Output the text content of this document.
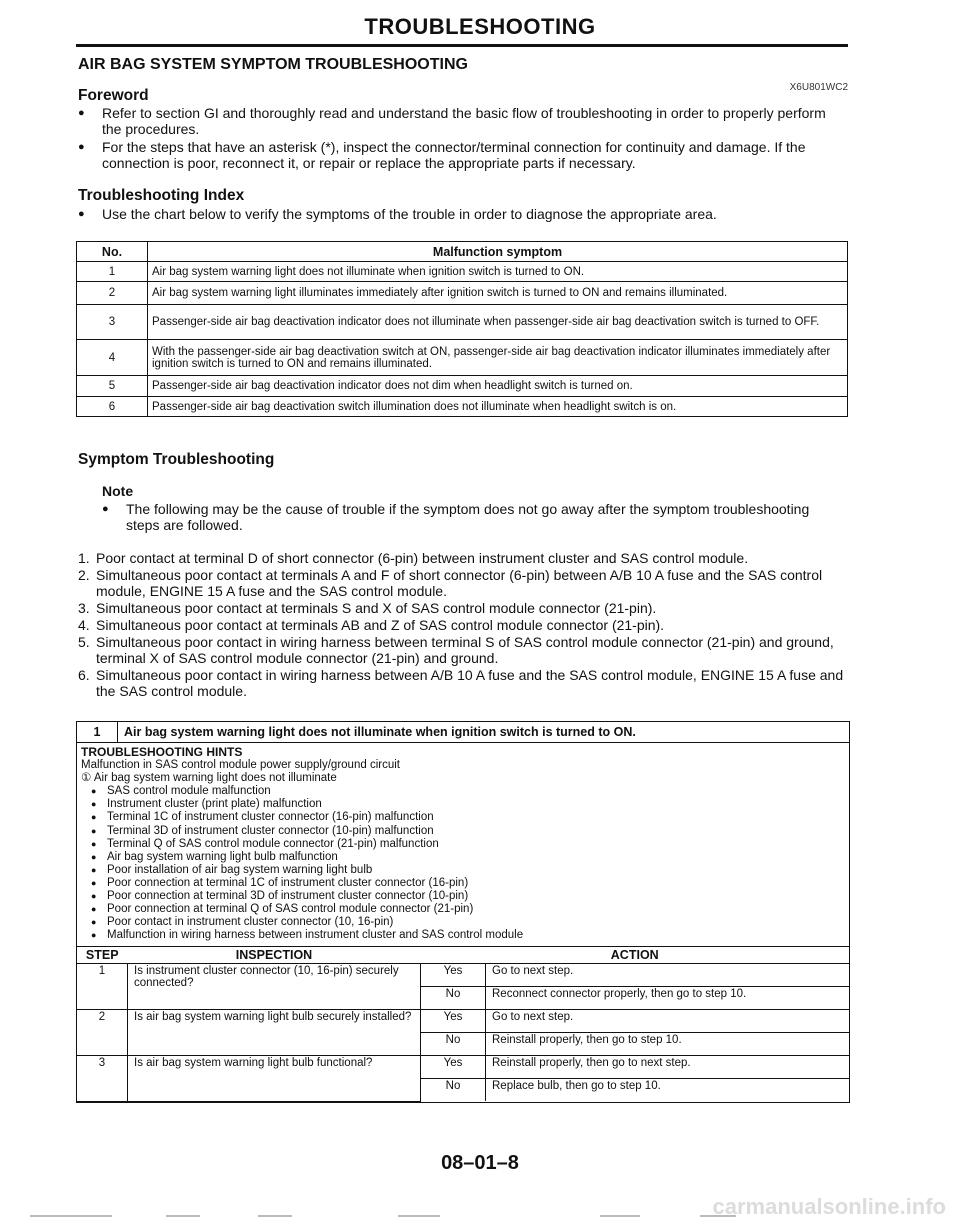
TROUBLESHOOTING
AIR BAG SYSTEM SYMPTOM TROUBLESHOOTING
X6U801WC2
Foreword
● Refer to section GI and thoroughly read and understand the basic flow of troubleshooting in order to properly perform the procedures.
● For the steps that have an asterisk (*), inspect the connector/terminal connection for continuity and damage. If the connection is poor, reconnect it, or repair or replace the appropriate parts if necessary.
Troubleshooting Index
● Use the chart below to verify the symptoms of the trouble in order to diagnose the appropriate area.
No.	Malfunction symptom
1	Air bag system warning light does not illuminate when ignition switch is turned to ON.
2	Air bag system warning light illuminates immediately after ignition switch is turned to ON and remains illuminated.
3	Passenger-side air bag deactivation indicator does not illuminate when passenger-side air bag deactivation switch is turned to OFF.
4	With the passenger-side air bag deactivation switch at ON, passenger-side air bag deactivation indicator illuminates immediately after ignition switch is turned to ON and remains illuminated.
5	Passenger-side air bag deactivation indicator does not dim when headlight switch is turned on.
6	Passenger-side air bag deactivation switch illumination does not illuminate when headlight switch is on.
Symptom Troubleshooting
Note
● The following may be the cause of trouble if the symptom does not go away after the symptom troubleshooting steps are followed.
1. Poor contact at terminal D of short connector (6-pin) between instrument cluster and SAS control module.
2. Simultaneous poor contact at terminals A and F of short connector (6-pin) between A/B 10 A fuse and the SAS control module, ENGINE 15 A fuse and the SAS control module.
3. Simultaneous poor contact at terminals S and X of SAS control module connector (21-pin).
4. Simultaneous poor contact at terminals AB and Z of SAS control module connector (21-pin).
5. Simultaneous poor contact in wiring harness between terminal S of SAS control module connector (21-pin) and ground, terminal X of SAS control module connector (21-pin) and ground.
6. Simultaneous poor contact in wiring harness between A/B 10 A fuse and the SAS control module, ENGINE 15 A fuse and the SAS control module.
1	Air bag system warning light does not illuminate when ignition switch is turned to ON.
TROUBLESHOOTING HINTS
Malfunction in SAS control module power supply/ground circuit
① Air bag system warning light does not illuminate
● SAS control module malfunction
● Instrument cluster (print plate) malfunction
● Terminal 1C of instrument cluster connector (16-pin) malfunction
● Terminal 3D of instrument cluster connector (10-pin) malfunction
● Terminal Q of SAS control module connector (21-pin) malfunction
● Air bag system warning light bulb malfunction
● Poor installation of air bag system warning light bulb
● Poor connection at terminal 1C of instrument cluster connector (16-pin)
● Poor connection at terminal 3D of instrument cluster connector (10-pin)
● Poor connection at terminal Q of SAS control module connector (21-pin)
● Poor contact in instrument cluster connector (10, 16-pin)
● Malfunction in wiring harness between instrument cluster and SAS control module
STEP	INSPECTION	ACTION	
1	Is instrument cluster connector (10, 16-pin) securely connected?	Yes	Go to next step.
		No	Reconnect connector properly, then go to step 10.
2	Is air bag system warning light bulb securely installed?	Yes	Go to next step.
		No	Reinstall properly, then go to step 10.
3	Is air bag system warning light bulb functional?	Yes	Reinstall properly, then go to next step.
		No	Replace bulb, then go to step 10.
08–01–8
carmanualsonline.info
